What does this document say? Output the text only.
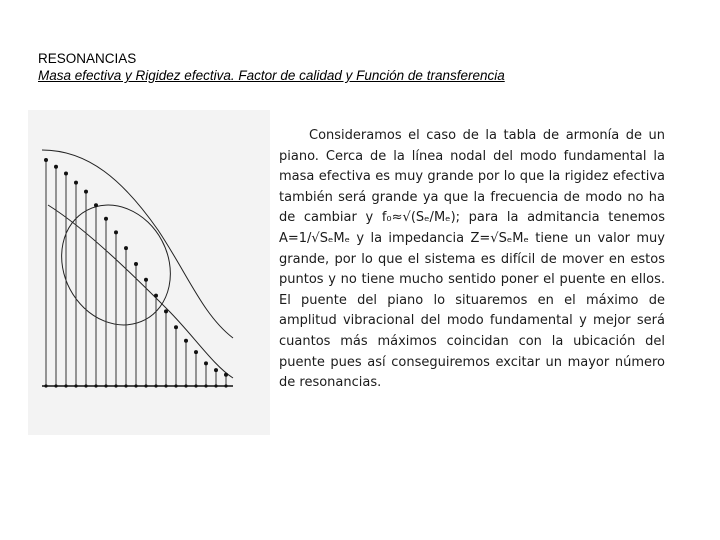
RESONANCIAS
Masa efectiva y Rigidez efectiva. Factor de calidad y Función de transferencia

Consideramos el caso de la tabla de armonía de un piano. Cerca de la línea nodal del modo fundamental la masa efectiva es muy grande por lo que la rigidez efectiva también será grande ya que la frecuencia de modo no ha de cambiar y f₀≈√(Sₑ/Mₑ); para la admitancia tenemos A=1/√SₑMₑ y la impedancia Z=√SₑMₑ tiene un valor muy grande, por lo que el sistema es difícil de mover en estos puntos y no tiene mucho sentido poner el puente en ellos. El puente del piano lo situaremos en el máximo de amplitud vibracional del modo fundamental y mejor será cuantos más máximos coincidan con la ubicación del puente pues así conseguiremos excitar un mayor número de resonancias.
